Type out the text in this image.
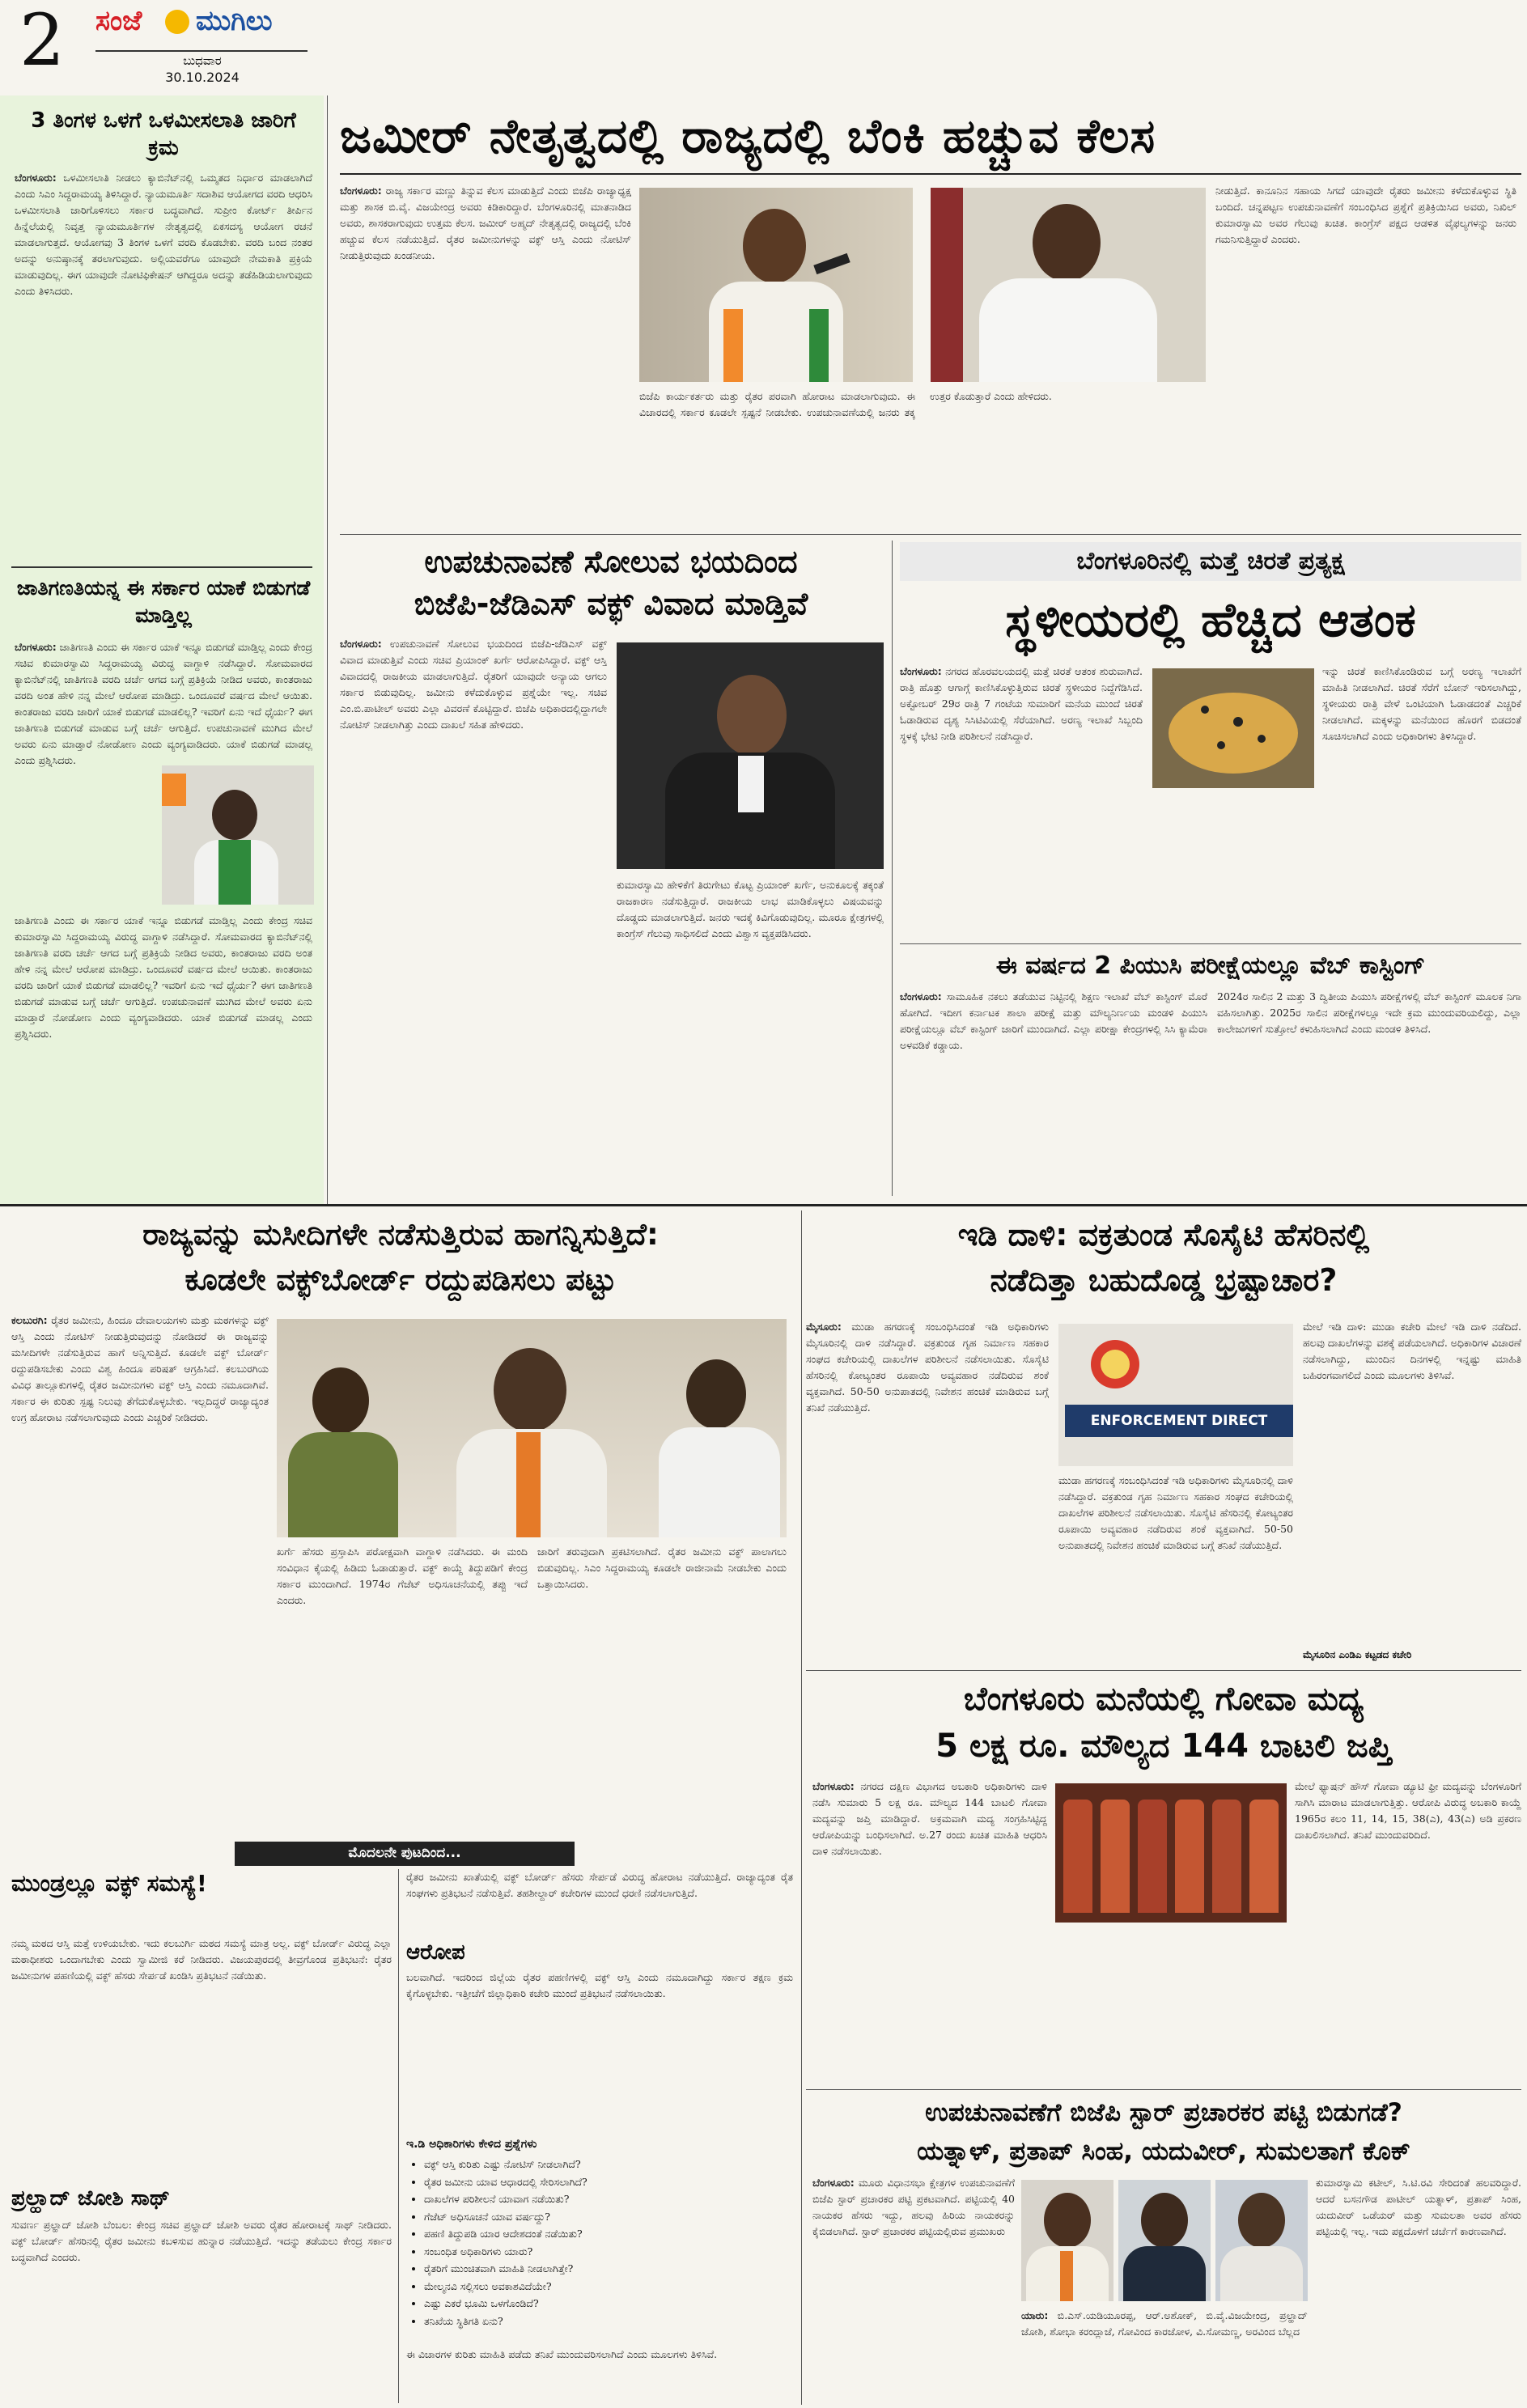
2 ಸಂಜೆ ಮುಗಿಲು
ಬುಧವಾರ
30.10.2024
3 ತಿಂಗಳ ಒಳಗೆ ಒಳಮೀಸಲಾತಿ ಜಾರಿಗೆ ಕ್ರಮ
ಬೆಂಗಳೂರು: ಒಳಮೀಸಲಾತಿ ನೀಡಲು ಕ್ಯಾಬಿನೆಟ್‌ನಲ್ಲಿ ಒಮ್ಮತದ ನಿರ್ಧಾರ ಮಾಡಲಾಗಿದೆ ಎಂದು ಸಿಎಂ ಸಿದ್ದರಾಮಯ್ಯ ತಿಳಿಸಿದ್ದಾರೆ. ನ್ಯಾಯಮೂರ್ತಿ ಸದಾಶಿವ ಆಯೋಗದ ವರದಿ ಆಧರಿಸಿ ಒಳಮೀಸಲಾತಿ ಜಾರಿಗೊಳಿಸಲು ಸರ್ಕಾರ ಬದ್ಧವಾಗಿದೆ. ಸುಪ್ರೀಂ ಕೋರ್ಟ್ ತೀರ್ಪಿನ ಹಿನ್ನೆಲೆಯಲ್ಲಿ ನಿವೃತ್ತ ನ್ಯಾಯಮೂರ್ತಿಗಳ ನೇತೃತ್ವದಲ್ಲಿ ಏಕಸದಸ್ಯ ಆಯೋಗ ರಚನೆ ಮಾಡಲಾಗುತ್ತದೆ. ಆಯೋಗವು 3 ತಿಂಗಳ ಒಳಗೆ ವರದಿ ಕೊಡಬೇಕು. ವರದಿ ಬಂದ ನಂತರ ಅದನ್ನು ಅನುಷ್ಠಾನಕ್ಕೆ ತರಲಾಗುವುದು. ಅಲ್ಲಿಯವರೆಗೂ ಯಾವುದೇ ನೇಮಕಾತಿ ಪ್ರಕ್ರಿಯೆ ಮಾಡುವುದಿಲ್ಲ. ಈಗ ಯಾವುದೇ ನೋಟಿಫಿಕೇಷನ್ ಆಗಿದ್ದರೂ ಅದನ್ನು ತಡೆಹಿಡಿಯಲಾಗುವುದು ಎಂದು ತಿಳಿಸಿದರು.
ಜಾತಿಗಣತಿಯನ್ನ ಈ ಸರ್ಕಾರ ಯಾಕೆ ಬಿಡುಗಡೆ ಮಾಡ್ತಿಲ್ಲ
ಬೆಂಗಳೂರು: ಜಾತಿಗಣತಿ ಎಂದು ಈ ಸರ್ಕಾರ ಯಾಕೆ ಇನ್ನೂ ಬಿಡುಗಡೆ ಮಾಡ್ತಿಲ್ಲ ಎಂದು ಕೇಂದ್ರ ಸಚಿವ ಕುಮಾರಸ್ವಾಮಿ ಸಿದ್ದರಾಮಯ್ಯ ವಿರುದ್ಧ ವಾಗ್ದಾಳಿ ನಡೆಸಿದ್ದಾರೆ. ಸೋಮವಾರದ ಕ್ಯಾಬಿನೆಟ್‌ನಲ್ಲಿ ಜಾತಿಗಣತಿ ವರದಿ ಚರ್ಚೆ ಆಗದ ಬಗ್ಗೆ ಪ್ರತಿಕ್ರಿಯೆ ನೀಡಿದ ಅವರು, ಕಾಂತರಾಜು ವರದಿ ಅಂತ ಹೇಳಿ ನನ್ನ ಮೇಲೆ ಆರೋಪ ಮಾಡಿದ್ರು. ಒಂದೂವರೆ ವರ್ಷದ ಮೇಲೆ ಆಯಿತು. ಕಾಂತರಾಜು ವರದಿ ಜಾರಿಗೆ ಯಾಕೆ ಬಿಡುಗಡೆ ಮಾಡಲಿಲ್ಲ? ಇವರಿಗೆ ಏನು ಇದೆ ಧೈರ್ಯ? ಈಗ ಜಾತಿಗಣತಿ ಬಿಡುಗಡೆ ಮಾಡುವ ಬಗ್ಗೆ ಚರ್ಚೆ ಆಗುತ್ತಿದೆ. ಉಪಚುನಾವಣೆ ಮುಗಿದ ಮೇಲೆ ಅವರು ಏನು ಮಾಡ್ತಾರೆ ನೋಡೋಣ ಎಂದು ವ್ಯಂಗ್ಯವಾಡಿದರು. ಯಾಕೆ ಬಿಡುಗಡೆ ಮಾಡಲ್ಲ ಎಂದು ಪ್ರಶ್ನಿಸಿದರು.
ಜಾತಿಗಣತಿ ಎಂದು ಈ ಸರ್ಕಾರ ಯಾಕೆ ಇನ್ನೂ ಬಿಡುಗಡೆ ಮಾಡ್ತಿಲ್ಲ ಎಂದು ಕೇಂದ್ರ ಸಚಿವ ಕುಮಾರಸ್ವಾಮಿ ಸಿದ್ದರಾಮಯ್ಯ ವಿರುದ್ಧ ವಾಗ್ದಾಳಿ ನಡೆಸಿದ್ದಾರೆ. ಸೋಮವಾರದ ಕ್ಯಾಬಿನೆಟ್‌ನಲ್ಲಿ ಜಾತಿಗಣತಿ ವರದಿ ಚರ್ಚೆ ಆಗದ ಬಗ್ಗೆ ಪ್ರತಿಕ್ರಿಯೆ ನೀಡಿದ ಅವರು, ಕಾಂತರಾಜು ವರದಿ ಅಂತ ಹೇಳಿ ನನ್ನ ಮೇಲೆ ಆರೋಪ ಮಾಡಿದ್ರು. ಒಂದೂವರೆ ವರ್ಷದ ಮೇಲೆ ಆಯಿತು. ಕಾಂತರಾಜು ವರದಿ ಜಾರಿಗೆ ಯಾಕೆ ಬಿಡುಗಡೆ ಮಾಡಲಿಲ್ಲ? ಇವರಿಗೆ ಏನು ಇದೆ ಧೈರ್ಯ? ಈಗ ಜಾತಿಗಣತಿ ಬಿಡುಗಡೆ ಮಾಡುವ ಬಗ್ಗೆ ಚರ್ಚೆ ಆಗುತ್ತಿದೆ. ಉಪಚುನಾವಣೆ ಮುಗಿದ ಮೇಲೆ ಅವರು ಏನು ಮಾಡ್ತಾರೆ ನೋಡೋಣ ಎಂದು ವ್ಯಂಗ್ಯವಾಡಿದರು. ಯಾಕೆ ಬಿಡುಗಡೆ ಮಾಡಲ್ಲ ಎಂದು ಪ್ರಶ್ನಿಸಿದರು.
ಜಮೀರ್ ನೇತೃತ್ವದಲ್ಲಿ ರಾಜ್ಯದಲ್ಲಿ ಬೆಂಕಿ ಹಚ್ಚುವ ಕೆಲಸ
ಬೆಂಗಳೂರು: ರಾಜ್ಯ ಸರ್ಕಾರ ಮಣ್ಣು ತಿನ್ನುವ ಕೆಲಸ ಮಾಡುತ್ತಿದೆ ಎಂದು ಬಿಜೆಪಿ ರಾಜ್ಯಾಧ್ಯಕ್ಷ ಮತ್ತು ಶಾಸಕ ಬಿ.ವೈ. ವಿಜಯೇಂದ್ರ ಅವರು ಕಿಡಿಕಾರಿದ್ದಾರೆ. ಬೆಂಗಳೂರಿನಲ್ಲಿ ಮಾತನಾಡಿದ ಅವರು, ಶಾಸಕರಾಗುವುದು ಉತ್ತಮ ಕೆಲಸ. ಜಮೀರ್ ಅಹ್ಮದ್ ನೇತೃತ್ವದಲ್ಲಿ ರಾಜ್ಯದಲ್ಲಿ ಬೆಂಕಿ ಹಚ್ಚುವ ಕೆಲಸ ನಡೆಯುತ್ತಿದೆ. ರೈತರ ಜಮೀನುಗಳನ್ನು ವಕ್ಫ್ ಆಸ್ತಿ ಎಂದು ನೋಟಿಸ್ ನೀಡುತ್ತಿರುವುದು ಖಂಡನೀಯ.
ಬಿಜೆಪಿ ಕಾರ್ಯಕರ್ತರು ಮತ್ತು ರೈತರ ಪರವಾಗಿ ಹೋರಾಟ ಮಾಡಲಾಗುವುದು. ಈ ವಿಚಾರದಲ್ಲಿ ಸರ್ಕಾರ ಕೂಡಲೇ ಸ್ಪಷ್ಟನೆ ನೀಡಬೇಕು. ಉಪಚುನಾವಣೆಯಲ್ಲಿ ಜನರು ತಕ್ಕ ಉತ್ತರ ಕೊಡುತ್ತಾರೆ ಎಂದು ಹೇಳಿದರು.
ನೀಡುತ್ತಿದೆ. ಕಾನೂನಿನ ಸಹಾಯ ಸಿಗದೆ ಯಾವುದೇ ರೈತರು ಜಮೀನು ಕಳೆದುಕೊಳ್ಳುವ ಸ್ಥಿತಿ ಬಂದಿದೆ. ಚನ್ನಪಟ್ಟಣ ಉಪಚುನಾವಣೆಗೆ ಸಂಬಂಧಿಸಿದ ಪ್ರಶ್ನೆಗೆ ಪ್ರತಿಕ್ರಿಯಿಸಿದ ಅವರು, ನಿಖಿಲ್ ಕುಮಾರಸ್ವಾಮಿ ಅವರ ಗೆಲುವು ಖಚಿತ. ಕಾಂಗ್ರೆಸ್ ಪಕ್ಷದ ಆಡಳಿತ ವೈಫಲ್ಯಗಳನ್ನು ಜನರು ಗಮನಿಸುತ್ತಿದ್ದಾರೆ ಎಂದರು.
ಉಪಚುನಾವಣೆ ಸೋಲುವ ಭಯದಿಂದ
ಬಿಜೆಪಿ-ಜೆಡಿಎಸ್ ವಕ್ಫ್ ವಿವಾದ ಮಾಡ್ತಿವೆ
ಬೆಂಗಳೂರು: ಉಪಚುನಾವಣೆ ಸೋಲುವ ಭಯದಿಂದ ಬಿಜೆಪಿ-ಜೆಡಿಎಸ್ ವಕ್ಫ್ ವಿವಾದ ಮಾಡುತ್ತಿವೆ ಎಂದು ಸಚಿವ ಪ್ರಿಯಾಂಕ್ ಖರ್ಗೆ ಆರೋಪಿಸಿದ್ದಾರೆ. ವಕ್ಫ್ ಆಸ್ತಿ ವಿವಾದದಲ್ಲಿ ರಾಜಕೀಯ ಮಾಡಲಾಗುತ್ತಿದೆ. ರೈತರಿಗೆ ಯಾವುದೇ ಅನ್ಯಾಯ ಆಗಲು ಸರ್ಕಾರ ಬಿಡುವುದಿಲ್ಲ. ಜಮೀನು ಕಳೆದುಕೊಳ್ಳುವ ಪ್ರಶ್ನೆಯೇ ಇಲ್ಲ. ಸಚಿವ ಎಂ.ಬಿ.ಪಾಟೀಲ್ ಅವರು ಎಲ್ಲಾ ವಿವರಣೆ ಕೊಟ್ಟಿದ್ದಾರೆ. ಬಿಜೆಪಿ ಅಧಿಕಾರದಲ್ಲಿದ್ದಾಗಲೇ ನೋಟಿಸ್ ನೀಡಲಾಗಿತ್ತು ಎಂದು ದಾಖಲೆ ಸಹಿತ ಹೇಳಿದರು.
ಕುಮಾರಸ್ವಾಮಿ ಹೇಳಿಕೆಗೆ ತಿರುಗೇಟು ಕೊಟ್ಟ ಪ್ರಿಯಾಂಕ್ ಖರ್ಗೆ, ಅನುಕೂಲಕ್ಕೆ ತಕ್ಕಂತೆ ರಾಜಕಾರಣ ನಡೆಸುತ್ತಿದ್ದಾರೆ. ರಾಜಕೀಯ ಲಾಭ ಮಾಡಿಕೊಳ್ಳಲು ವಿಷಯವನ್ನು ದೊಡ್ಡದು ಮಾಡಲಾಗುತ್ತಿದೆ. ಜನರು ಇದಕ್ಕೆ ಕಿವಿಗೊಡುವುದಿಲ್ಲ. ಮೂರೂ ಕ್ಷೇತ್ರಗಳಲ್ಲಿ ಕಾಂಗ್ರೆಸ್ ಗೆಲುವು ಸಾಧಿಸಲಿದೆ ಎಂದು ವಿಶ್ವಾಸ ವ್ಯಕ್ತಪಡಿಸಿದರು.
ಬೆಂಗಳೂರಿನಲ್ಲಿ ಮತ್ತೆ ಚಿರತೆ ಪ್ರತ್ಯಕ್ಷ
ಸ್ಥಳೀಯರಲ್ಲಿ ಹೆಚ್ಚಿದ ಆತಂಕ
ಬೆಂಗಳೂರು: ನಗರದ ಹೊರವಲಯದಲ್ಲಿ ಮತ್ತೆ ಚಿರತೆ ಆತಂಕ ಶುರುವಾಗಿದೆ. ರಾತ್ರಿ ಹೊತ್ತು ಆಗಾಗ್ಗೆ ಕಾಣಿಸಿಕೊಳ್ಳುತ್ತಿರುವ ಚಿರತೆ ಸ್ಥಳೀಯರ ನಿದ್ದೆಗೆಡಿಸಿದೆ. ಅಕ್ಟೋಬರ್ 29ರ ರಾತ್ರಿ 7 ಗಂಟೆಯ ಸುಮಾರಿಗೆ ಮನೆಯ ಮುಂದೆ ಚಿರತೆ ಓಡಾಡಿರುವ ದೃಶ್ಯ ಸಿಸಿಟಿವಿಯಲ್ಲಿ ಸೆರೆಯಾಗಿದೆ. ಅರಣ್ಯ ಇಲಾಖೆ ಸಿಬ್ಬಂದಿ ಸ್ಥಳಕ್ಕೆ ಭೇಟಿ ನೀಡಿ ಪರಿಶೀಲನೆ ನಡೆಸಿದ್ದಾರೆ.
ಇನ್ನು ಚಿರತೆ ಕಾಣಿಸಿಕೊಂಡಿರುವ ಬಗ್ಗೆ ಅರಣ್ಯ ಇಲಾಖೆಗೆ ಮಾಹಿತಿ ನೀಡಲಾಗಿದೆ. ಚಿರತೆ ಸೆರೆಗೆ ಬೋನ್ ಇರಿಸಲಾಗಿದ್ದು, ಸ್ಥಳೀಯರು ರಾತ್ರಿ ವೇಳೆ ಒಂಟಿಯಾಗಿ ಓಡಾಡದಂತೆ ಎಚ್ಚರಿಕೆ ನೀಡಲಾಗಿದೆ. ಮಕ್ಕಳನ್ನು ಮನೆಯಿಂದ ಹೊರಗೆ ಬಿಡದಂತೆ ಸೂಚಿಸಲಾಗಿದೆ ಎಂದು ಅಧಿಕಾರಿಗಳು ತಿಳಿಸಿದ್ದಾರೆ.
ಈ ವರ್ಷದ 2 ಪಿಯುಸಿ ಪರೀಕ್ಷೆಯಲ್ಲೂ ವೆಬ್ ಕಾಸ್ಟಿಂಗ್
ಬೆಂಗಳೂರು: ಸಾಮೂಹಿಕ ನಕಲು ತಡೆಯುವ ನಿಟ್ಟಿನಲ್ಲಿ ಶಿಕ್ಷಣ ಇಲಾಖೆ ವೆಬ್ ಕಾಸ್ಟಿಂಗ್ ಮೊರೆ ಹೋಗಿದೆ. ಇದೀಗ ಕರ್ನಾಟಕ ಶಾಲಾ ಪರೀಕ್ಷೆ ಮತ್ತು ಮೌಲ್ಯನಿರ್ಣಯ ಮಂಡಳಿ ಪಿಯುಸಿ ಪರೀಕ್ಷೆಯಲ್ಲೂ ವೆಬ್ ಕಾಸ್ಟಿಂಗ್ ಜಾರಿಗೆ ಮುಂದಾಗಿದೆ. ಎಲ್ಲಾ ಪರೀಕ್ಷಾ ಕೇಂದ್ರಗಳಲ್ಲಿ ಸಿಸಿ ಕ್ಯಾಮೆರಾ ಅಳವಡಿಕೆ ಕಡ್ಡಾಯ.
2024ರ ಸಾಲಿನ 2 ಮತ್ತು 3 ದ್ವಿತೀಯ ಪಿಯುಸಿ ಪರೀಕ್ಷೆಗಳಲ್ಲಿ ವೆಬ್ ಕಾಸ್ಟಿಂಗ್ ಮೂಲಕ ನಿಗಾ ವಹಿಸಲಾಗಿತ್ತು. 2025ರ ಸಾಲಿನ ಪರೀಕ್ಷೆಗಳಲ್ಲೂ ಇದೇ ಕ್ರಮ ಮುಂದುವರಿಯಲಿದ್ದು, ಎಲ್ಲಾ ಕಾಲೇಜುಗಳಿಗೆ ಸುತ್ತೋಲೆ ಕಳುಹಿಸಲಾಗಿದೆ ಎಂದು ಮಂಡಳಿ ತಿಳಿಸಿದೆ.
ರಾಜ್ಯವನ್ನು ಮಸೀದಿಗಳೇ ನಡೆಸುತ್ತಿರುವ ಹಾಗನ್ನಿಸುತ್ತಿದೆ:
ಕೂಡಲೇ ವಕ್ಫ್‌ಬೋರ್ಡ್ ರದ್ದುಪಡಿಸಲು ಪಟ್ಟು
ಕಲಬುರಗಿ: ರೈತರ ಜಮೀನು, ಹಿಂದೂ ದೇವಾಲಯಗಳು ಮತ್ತು ಮಠಗಳನ್ನು ವಕ್ಫ್ ಆಸ್ತಿ ಎಂದು ನೋಟಿಸ್ ನೀಡುತ್ತಿರುವುದನ್ನು ನೋಡಿದರೆ ಈ ರಾಜ್ಯವನ್ನು ಮಸೀದಿಗಳೇ ನಡೆಸುತ್ತಿರುವ ಹಾಗೆ ಅನ್ನಿಸುತ್ತಿದೆ. ಕೂಡಲೇ ವಕ್ಫ್ ಬೋರ್ಡ್ ರದ್ದುಪಡಿಸಬೇಕು ಎಂದು ವಿಶ್ವ ಹಿಂದೂ ಪರಿಷತ್ ಆಗ್ರಹಿಸಿದೆ. ಕಲಬುರಗಿಯ ವಿವಿಧ ತಾಲ್ಲೂಕುಗಳಲ್ಲಿ ರೈತರ ಜಮೀನುಗಳು ವಕ್ಫ್ ಆಸ್ತಿ ಎಂದು ನಮೂದಾಗಿವೆ. ಸರ್ಕಾರ ಈ ಕುರಿತು ಸ್ಪಷ್ಟ ನಿಲುವು ತೆಗೆದುಕೊಳ್ಳಬೇಕು. ಇಲ್ಲದಿದ್ದರೆ ರಾಜ್ಯಾದ್ಯಂತ ಉಗ್ರ ಹೋರಾಟ ನಡೆಸಲಾಗುವುದು ಎಂದು ಎಚ್ಚರಿಕೆ ನೀಡಿದರು.
ಖರ್ಗೆ ಹೆಸರು ಪ್ರಸ್ತಾಪಿಸಿ ಪರೋಕ್ಷವಾಗಿ ವಾಗ್ದಾಳಿ ನಡೆಸಿದರು. ಈ ಮಂದಿ ಸಂವಿಧಾನ ಕೈಯಲ್ಲಿ ಹಿಡಿದು ಓಡಾಡುತ್ತಾರೆ. ವಕ್ಫ್ ಕಾಯ್ದೆ ತಿದ್ದುಪಡಿಗೆ ಕೇಂದ್ರ ಸರ್ಕಾರ ಮುಂದಾಗಿದೆ. 1974ರ ಗೆಜೆಟ್ ಅಧಿಸೂಚನೆಯಲ್ಲಿ ತಪ್ಪು ಇದೆ ಎಂದರು.
ಜಾರಿಗೆ ತರುವುದಾಗಿ ಪ್ರಕಟಿಸಲಾಗಿದೆ. ರೈತರ ಜಮೀನು ವಕ್ಫ್ ಪಾಲಾಗಲು ಬಿಡುವುದಿಲ್ಲ. ಸಿಎಂ ಸಿದ್ದರಾಮಯ್ಯ ಕೂಡಲೇ ರಾಜೀನಾಮೆ ನೀಡಬೇಕು ಎಂದು ಒತ್ತಾಯಿಸಿದರು.
ಮೊದಲನೇ ಪುಟದಿಂದ...
ಮುಂಡ್ರಲ್ಲೂ ವಕ್ಫ್ ಸಮಸ್ಯೆ!
ನಮ್ಮ ಮಠದ ಆಸ್ತಿ ಮತ್ತೆ ಉಳಿಯಬೇಕು. ಇದು ಕಲಬುರ್ಗಿ ಮಠದ ಸಮಸ್ಯೆ ಮಾತ್ರ ಅಲ್ಲ. ವಕ್ಫ್ ಬೋರ್ಡ್ ವಿರುದ್ಧ ಎಲ್ಲಾ ಮಠಾಧೀಶರು ಒಂದಾಗಬೇಕು ಎಂದು ಸ್ವಾಮೀಜಿ ಕರೆ ನೀಡಿದರು. ವಿಜಯಪುರದಲ್ಲಿ ತೀವ್ರಗೊಂಡ ಪ್ರತಿಭಟನೆ: ರೈತರ ಜಮೀನುಗಳ ಪಹಣಿಯಲ್ಲಿ ವಕ್ಫ್ ಹೆಸರು ಸೇರ್ಪಡೆ ಖಂಡಿಸಿ ಪ್ರತಿಭಟನೆ ನಡೆಯಿತು.
ಪ್ರಲ್ಹಾದ್ ಜೋಶಿ ಸಾಥ್
ಸುವರ್ಣ ಪ್ರಲ್ಹಾದ್ ಜೋಶಿ ಬೆಂಬಲ: ಕೇಂದ್ರ ಸಚಿವ ಪ್ರಲ್ಹಾದ್ ಜೋಶಿ ಅವರು ರೈತರ ಹೋರಾಟಕ್ಕೆ ಸಾಥ್ ನೀಡಿದರು. ವಕ್ಫ್ ಬೋರ್ಡ್ ಹೆಸರಿನಲ್ಲಿ ರೈತರ ಜಮೀನು ಕಬಳಿಸುವ ಹುನ್ನಾರ ನಡೆಯುತ್ತಿದೆ. ಇದನ್ನು ತಡೆಯಲು ಕೇಂದ್ರ ಸರ್ಕಾರ ಬದ್ಧವಾಗಿದೆ ಎಂದರು.
ರೈತರ ಜಮೀನು ಖಾತೆಯಲ್ಲಿ ವಕ್ಫ್ ಬೋರ್ಡ್ ಹೆಸರು ಸೇರ್ಪಡೆ ವಿರುದ್ಧ ಹೋರಾಟ ನಡೆಯುತ್ತಿದೆ. ರಾಜ್ಯಾದ್ಯಂತ ರೈತ ಸಂಘಗಳು ಪ್ರತಿಭಟನೆ ನಡೆಸುತ್ತಿವೆ. ತಹಶೀಲ್ದಾರ್ ಕಚೇರಿಗಳ ಮುಂದೆ ಧರಣಿ ನಡೆಸಲಾಗುತ್ತಿದೆ.
ಆರೋಪ
ಬಲವಾಗಿದೆ. ಇದರಿಂದ ಜಿಲ್ಲೆಯ ರೈತರ ಪಹಣಿಗಳಲ್ಲಿ ವಕ್ಫ್ ಆಸ್ತಿ ಎಂದು ನಮೂದಾಗಿದ್ದು ಸರ್ಕಾರ ತಕ್ಷಣ ಕ್ರಮ ಕೈಗೊಳ್ಳಬೇಕು. ಇತ್ತೀಚೆಗೆ ಜಿಲ್ಲಾಧಿಕಾರಿ ಕಚೇರಿ ಮುಂದೆ ಪ್ರತಿಭಟನೆ ನಡೆಸಲಾಯಿತು.
ಇ.ಡಿ ಅಧಿಕಾರಿಗಳು ಕೇಳಿದ ಪ್ರಶ್ನೆಗಳು
• ವಕ್ಫ್ ಆಸ್ತಿ ಕುರಿತು ಎಷ್ಟು ನೋಟಿಸ್ ನೀಡಲಾಗಿದೆ?
• ರೈತರ ಜಮೀನು ಯಾವ ಆಧಾರದಲ್ಲಿ ಸೇರಿಸಲಾಗಿದೆ?
• ದಾಖಲೆಗಳ ಪರಿಶೀಲನೆ ಯಾವಾಗ ನಡೆಯಿತು?
• ಗೆಜೆಟ್ ಅಧಿಸೂಚನೆ ಯಾವ ವರ್ಷದ್ದು?
• ಪಹಣಿ ತಿದ್ದುಪಡಿ ಯಾರ ಆದೇಶದಂತೆ ನಡೆಯಿತು?
• ಸಂಬಂಧಿತ ಅಧಿಕಾರಿಗಳು ಯಾರು?
• ರೈತರಿಗೆ ಮುಂಚಿತವಾಗಿ ಮಾಹಿತಿ ನೀಡಲಾಗಿತ್ತೇ?
• ಮೇಲ್ಮನವಿ ಸಲ್ಲಿಸಲು ಅವಕಾಶವಿದೆಯೇ?
• ಎಷ್ಟು ಎಕರೆ ಭೂಮಿ ಒಳಗೊಂಡಿದೆ?
• ತನಿಖೆಯ ಸ್ಥಿತಿಗತಿ ಏನು?
ಈ ವಿಚಾರಗಳ ಕುರಿತು ಮಾಹಿತಿ ಪಡೆದು ತನಿಖೆ ಮುಂದುವರಿಸಲಾಗಿದೆ ಎಂದು ಮೂಲಗಳು ತಿಳಿಸಿವೆ.
ಇಡಿ ದಾಳಿ: ವಕ್ರತುಂಡ ಸೊಸೈಟಿ ಹೆಸರಿನಲ್ಲಿ
ನಡೆದಿತ್ತಾ ಬಹುದೊಡ್ಡ ಭ್ರಷ್ಟಾಚಾರ?
ಮೈಸೂರು: ಮುಡಾ ಹಗರಣಕ್ಕೆ ಸಂಬಂಧಿಸಿದಂತೆ ಇಡಿ ಅಧಿಕಾರಿಗಳು ಮೈಸೂರಿನಲ್ಲಿ ದಾಳಿ ನಡೆಸಿದ್ದಾರೆ. ವಕ್ರತುಂಡ ಗೃಹ ನಿರ್ಮಾಣ ಸಹಕಾರ ಸಂಘದ ಕಚೇರಿಯಲ್ಲಿ ದಾಖಲೆಗಳ ಪರಿಶೀಲನೆ ನಡೆಸಲಾಯಿತು. ಸೊಸೈಟಿ ಹೆಸರಿನಲ್ಲಿ ಕೋಟ್ಯಂತರ ರೂಪಾಯಿ ಅವ್ಯವಹಾರ ನಡೆದಿರುವ ಶಂಕೆ ವ್ಯಕ್ತವಾಗಿದೆ. 50-50 ಅನುಪಾತದಲ್ಲಿ ನಿವೇಶನ ಹಂಚಿಕೆ ಮಾಡಿರುವ ಬಗ್ಗೆ ತನಿಖೆ ನಡೆಯುತ್ತಿದೆ.
ENFORCEMENT DIRECT
ಮೇಲೆ ಇಡಿ ದಾಳಿ: ಮುಡಾ ಕಚೇರಿ ಮೇಲೆ ಇಡಿ ದಾಳಿ ನಡೆದಿದೆ. ಹಲವು ದಾಖಲೆಗಳನ್ನು ವಶಕ್ಕೆ ಪಡೆಯಲಾಗಿದೆ. ಅಧಿಕಾರಿಗಳ ವಿಚಾರಣೆ ನಡೆಸಲಾಗಿದ್ದು, ಮುಂದಿನ ದಿನಗಳಲ್ಲಿ ಇನ್ನಷ್ಟು ಮಾಹಿತಿ ಬಹಿರಂಗವಾಗಲಿದೆ ಎಂದು ಮೂಲಗಳು ತಿಳಿಸಿವೆ.
ಮುಡಾ ಹಗರಣಕ್ಕೆ ಸಂಬಂಧಿಸಿದಂತೆ ಇಡಿ ಅಧಿಕಾರಿಗಳು ಮೈಸೂರಿನಲ್ಲಿ ದಾಳಿ ನಡೆಸಿದ್ದಾರೆ. ವಕ್ರತುಂಡ ಗೃಹ ನಿರ್ಮಾಣ ಸಹಕಾರ ಸಂಘದ ಕಚೇರಿಯಲ್ಲಿ ದಾಖಲೆಗಳ ಪರಿಶೀಲನೆ ನಡೆಸಲಾಯಿತು. ಸೊಸೈಟಿ ಹೆಸರಿನಲ್ಲಿ ಕೋಟ್ಯಂತರ ರೂಪಾಯಿ ಅವ್ಯವಹಾರ ನಡೆದಿರುವ ಶಂಕೆ ವ್ಯಕ್ತವಾಗಿದೆ. 50-50 ಅನುಪಾತದಲ್ಲಿ ನಿವೇಶನ ಹಂಚಿಕೆ ಮಾಡಿರುವ ಬಗ್ಗೆ ತನಿಖೆ ನಡೆಯುತ್ತಿದೆ.
ಮೈಸೂರಿನ ಎಂಡಿಎ ಕಟ್ಟಡದ ಕಚೇರಿ
ಬೆಂಗಳೂರು ಮನೆಯಲ್ಲಿ ಗೋವಾ ಮದ್ಯ
5 ಲಕ್ಷ ರೂ. ಮೌಲ್ಯದ 144 ಬಾಟಲಿ ಜಪ್ತಿ
ಬೆಂಗಳೂರು: ನಗರದ ದಕ್ಷಿಣ ವಿಭಾಗದ ಅಬಕಾರಿ ಅಧಿಕಾರಿಗಳು ದಾಳಿ ನಡೆಸಿ ಸುಮಾರು 5 ಲಕ್ಷ ರೂ. ಮೌಲ್ಯದ 144 ಬಾಟಲಿ ಗೋವಾ ಮದ್ಯವನ್ನು ಜಪ್ತಿ ಮಾಡಿದ್ದಾರೆ. ಅಕ್ರಮವಾಗಿ ಮದ್ಯ ಸಂಗ್ರಹಿಸಿಟ್ಟಿದ್ದ ಆರೋಪಿಯನ್ನು ಬಂಧಿಸಲಾಗಿದೆ. ಅ.27 ರಂದು ಖಚಿತ ಮಾಹಿತಿ ಆಧರಿಸಿ ದಾಳಿ ನಡೆಸಲಾಯಿತು.
ಮೇಲೆ ಫ್ಯಾಷನ್ ಹೌಸ್ ಗೋವಾ ಡ್ಯೂಟಿ ಫ್ರೀ ಮದ್ಯವನ್ನು ಬೆಂಗಳೂರಿಗೆ ಸಾಗಿಸಿ ಮಾರಾಟ ಮಾಡಲಾಗುತ್ತಿತ್ತು. ಆರೋಪಿ ವಿರುದ್ಧ ಅಬಕಾರಿ ಕಾಯ್ದೆ 1965ರ ಕಲಂ 11, 14, 15, 38(ಎ), 43(ಎ) ಅಡಿ ಪ್ರಕರಣ ದಾಖಲಿಸಲಾಗಿದೆ. ತನಿಖೆ ಮುಂದುವರಿದಿದೆ.
ಉಪಚುನಾವಣೆಗೆ ಬಿಜೆಪಿ ಸ್ಟಾರ್ ಪ್ರಚಾರಕರ ಪಟ್ಟಿ ಬಿಡುಗಡೆ?
ಯತ್ನಾಳ್, ಪ್ರತಾಪ್ ಸಿಂಹ, ಯದುವೀರ್, ಸುಮಲತಾಗೆ ಕೊಕ್
ಬೆಂಗಳೂರು: ಮೂರು ವಿಧಾನಸಭಾ ಕ್ಷೇತ್ರಗಳ ಉಪಚುನಾವಣೆಗೆ ಬಿಜೆಪಿ ಸ್ಟಾರ್ ಪ್ರಚಾರಕರ ಪಟ್ಟಿ ಪ್ರಕಟವಾಗಿದೆ. ಪಟ್ಟಿಯಲ್ಲಿ 40 ನಾಯಕರ ಹೆಸರು ಇದ್ದು, ಹಲವು ಹಿರಿಯ ನಾಯಕರನ್ನು ಕೈಬಿಡಲಾಗಿದೆ. ಸ್ಟಾರ್ ಪ್ರಚಾರಕರ ಪಟ್ಟಿಯಲ್ಲಿರುವ ಪ್ರಮುಖರು
ಕುಮಾರಸ್ವಾಮಿ ಕಟೀಲ್, ಸಿ.ಟಿ.ರವಿ ಸೇರಿದಂತೆ ಹಲವರಿದ್ದಾರೆ. ಆದರೆ ಬಸನಗೌಡ ಪಾಟೀಲ್ ಯತ್ನಾಳ್, ಪ್ರತಾಪ್ ಸಿಂಹ, ಯದುವೀರ್ ಒಡೆಯರ್ ಮತ್ತು ಸುಮಲತಾ ಅವರ ಹೆಸರು ಪಟ್ಟಿಯಲ್ಲಿ ಇಲ್ಲ. ಇದು ಪಕ್ಷದೊಳಗೆ ಚರ್ಚೆಗೆ ಕಾರಣವಾಗಿದೆ.
ಯಾರು: ಬಿ.ಎಸ್.ಯಡಿಯೂರಪ್ಪ, ಆರ್.ಅಶೋಕ್, ಬಿ.ವೈ.ವಿಜಯೇಂದ್ರ, ಪ್ರಲ್ಹಾದ್ ಜೋಶಿ, ಶೋಭಾ ಕರಂದ್ಲಾಜೆ, ಗೋವಿಂದ ಕಾರಜೋಳ, ವಿ.ಸೋಮಣ್ಣ, ಅರವಿಂದ ಬೆಲ್ಲದ
